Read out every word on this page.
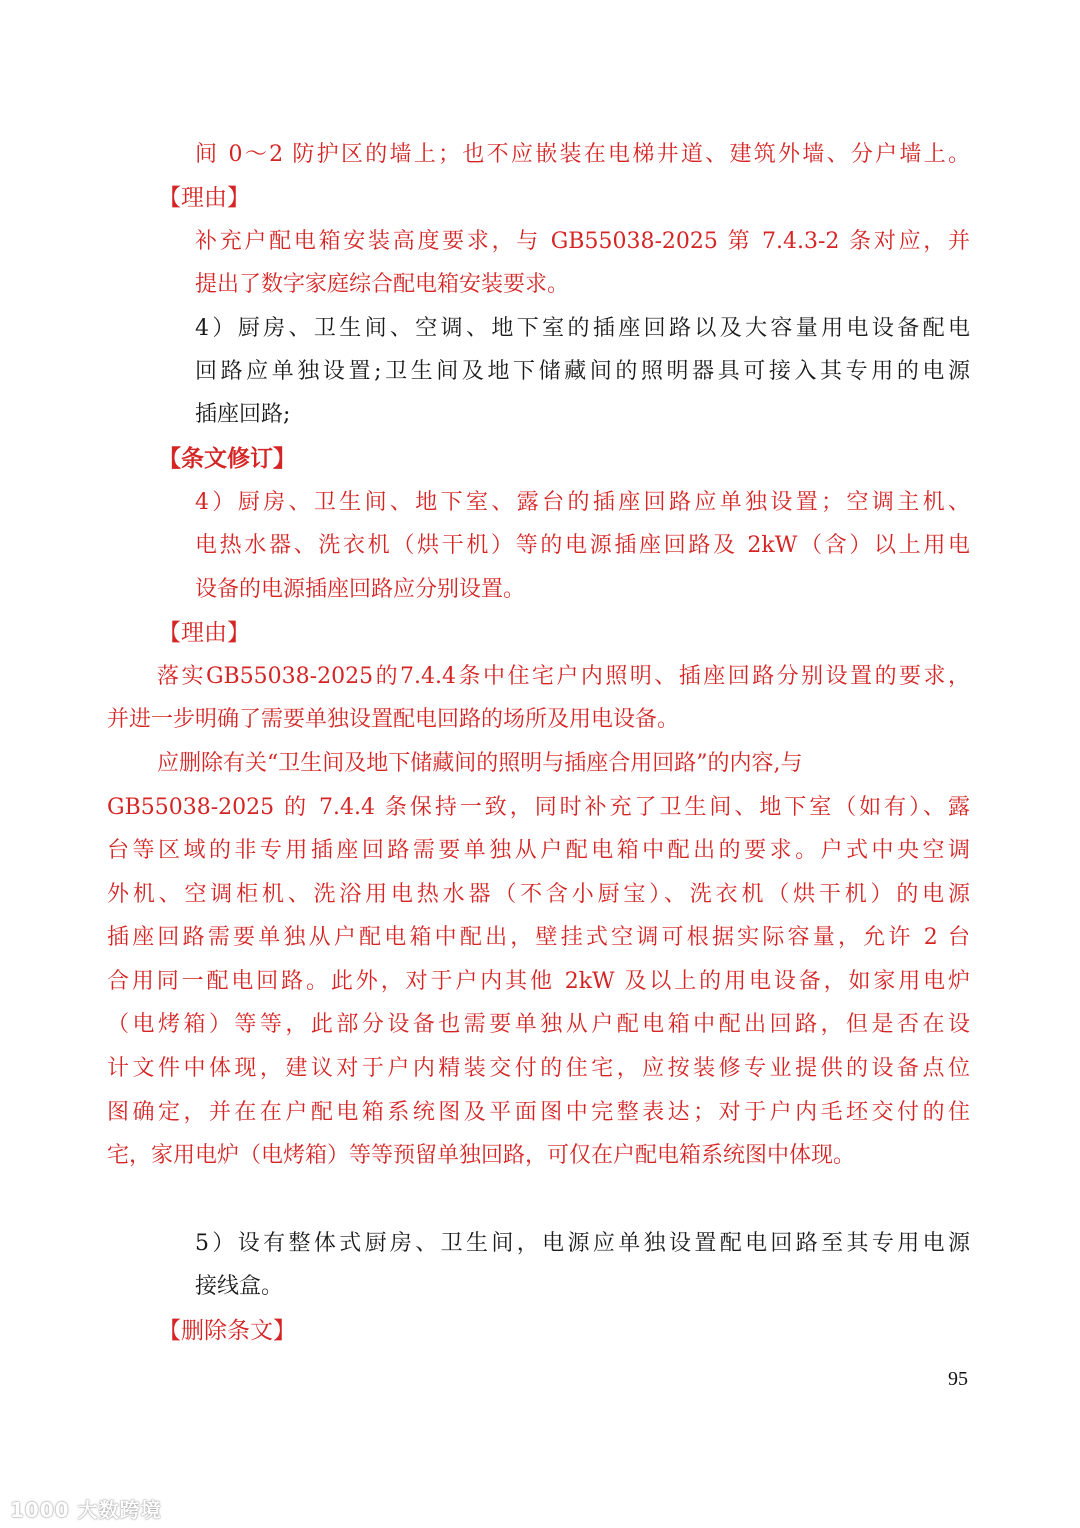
间 0～2 防护区的墙上；也不应嵌装在电梯井道、建筑外墙、分户墙上。
【理由】
补充户配电箱安装高度要求，与 GB55038-2025 第 7.4.3-2 条对应，并
提出了数字家庭综合配电箱安装要求。
4）厨房、卫生间、空调、地下室的插座回路以及大容量用电设备配电
回路应单独设置;卫生间及地下储藏间的照明器具可接入其专用的电源
插座回路;
【条文修订】
4）厨房、卫生间、地下室、露台的插座回路应单独设置；空调主机、
电热水器、洗衣机（烘干机）等的电源插座回路及 2kW（含）以上用电
设备的电源插座回路应分别设置。
【理由】
落实GB55038-2025的7.4.4条中住宅户内照明、插座回路分别设置的要求，
并进一步明确了需要单独设置配电回路的场所及用电设备。
应删除有关“卫生间及地下储藏间的照明与插座合用回路”的内容,与
GB55038-2025 的 7.4.4 条保持一致，同时补充了卫生间、地下室（如有）、露
台等区域的非专用插座回路需要单独从户配电箱中配出的要求。户式中央空调
外机、空调柜机、洗浴用电热水器（不含小厨宝）、洗衣机（烘干机）的电源
插座回路需要单独从户配电箱中配出，壁挂式空调可根据实际容量，允许 2 台
合用同一配电回路。此外，对于户内其他 2kW 及以上的用电设备，如家用电炉
（电烤箱）等等，此部分设备也需要单独从户配电箱中配出回路，但是否在设
计文件中体现，建议对于户内精装交付的住宅，应按装修专业提供的设备点位
图确定，并在在户配电箱系统图及平面图中完整表达；对于户内毛坯交付的住
宅，家用电炉（电烤箱）等等预留单独回路，可仅在户配电箱系统图中体现。
5）设有整体式厨房、卫生间，电源应单独设置配电回路至其专用电源
接线盒。
【删除条文】
95
1000 大数跨境
